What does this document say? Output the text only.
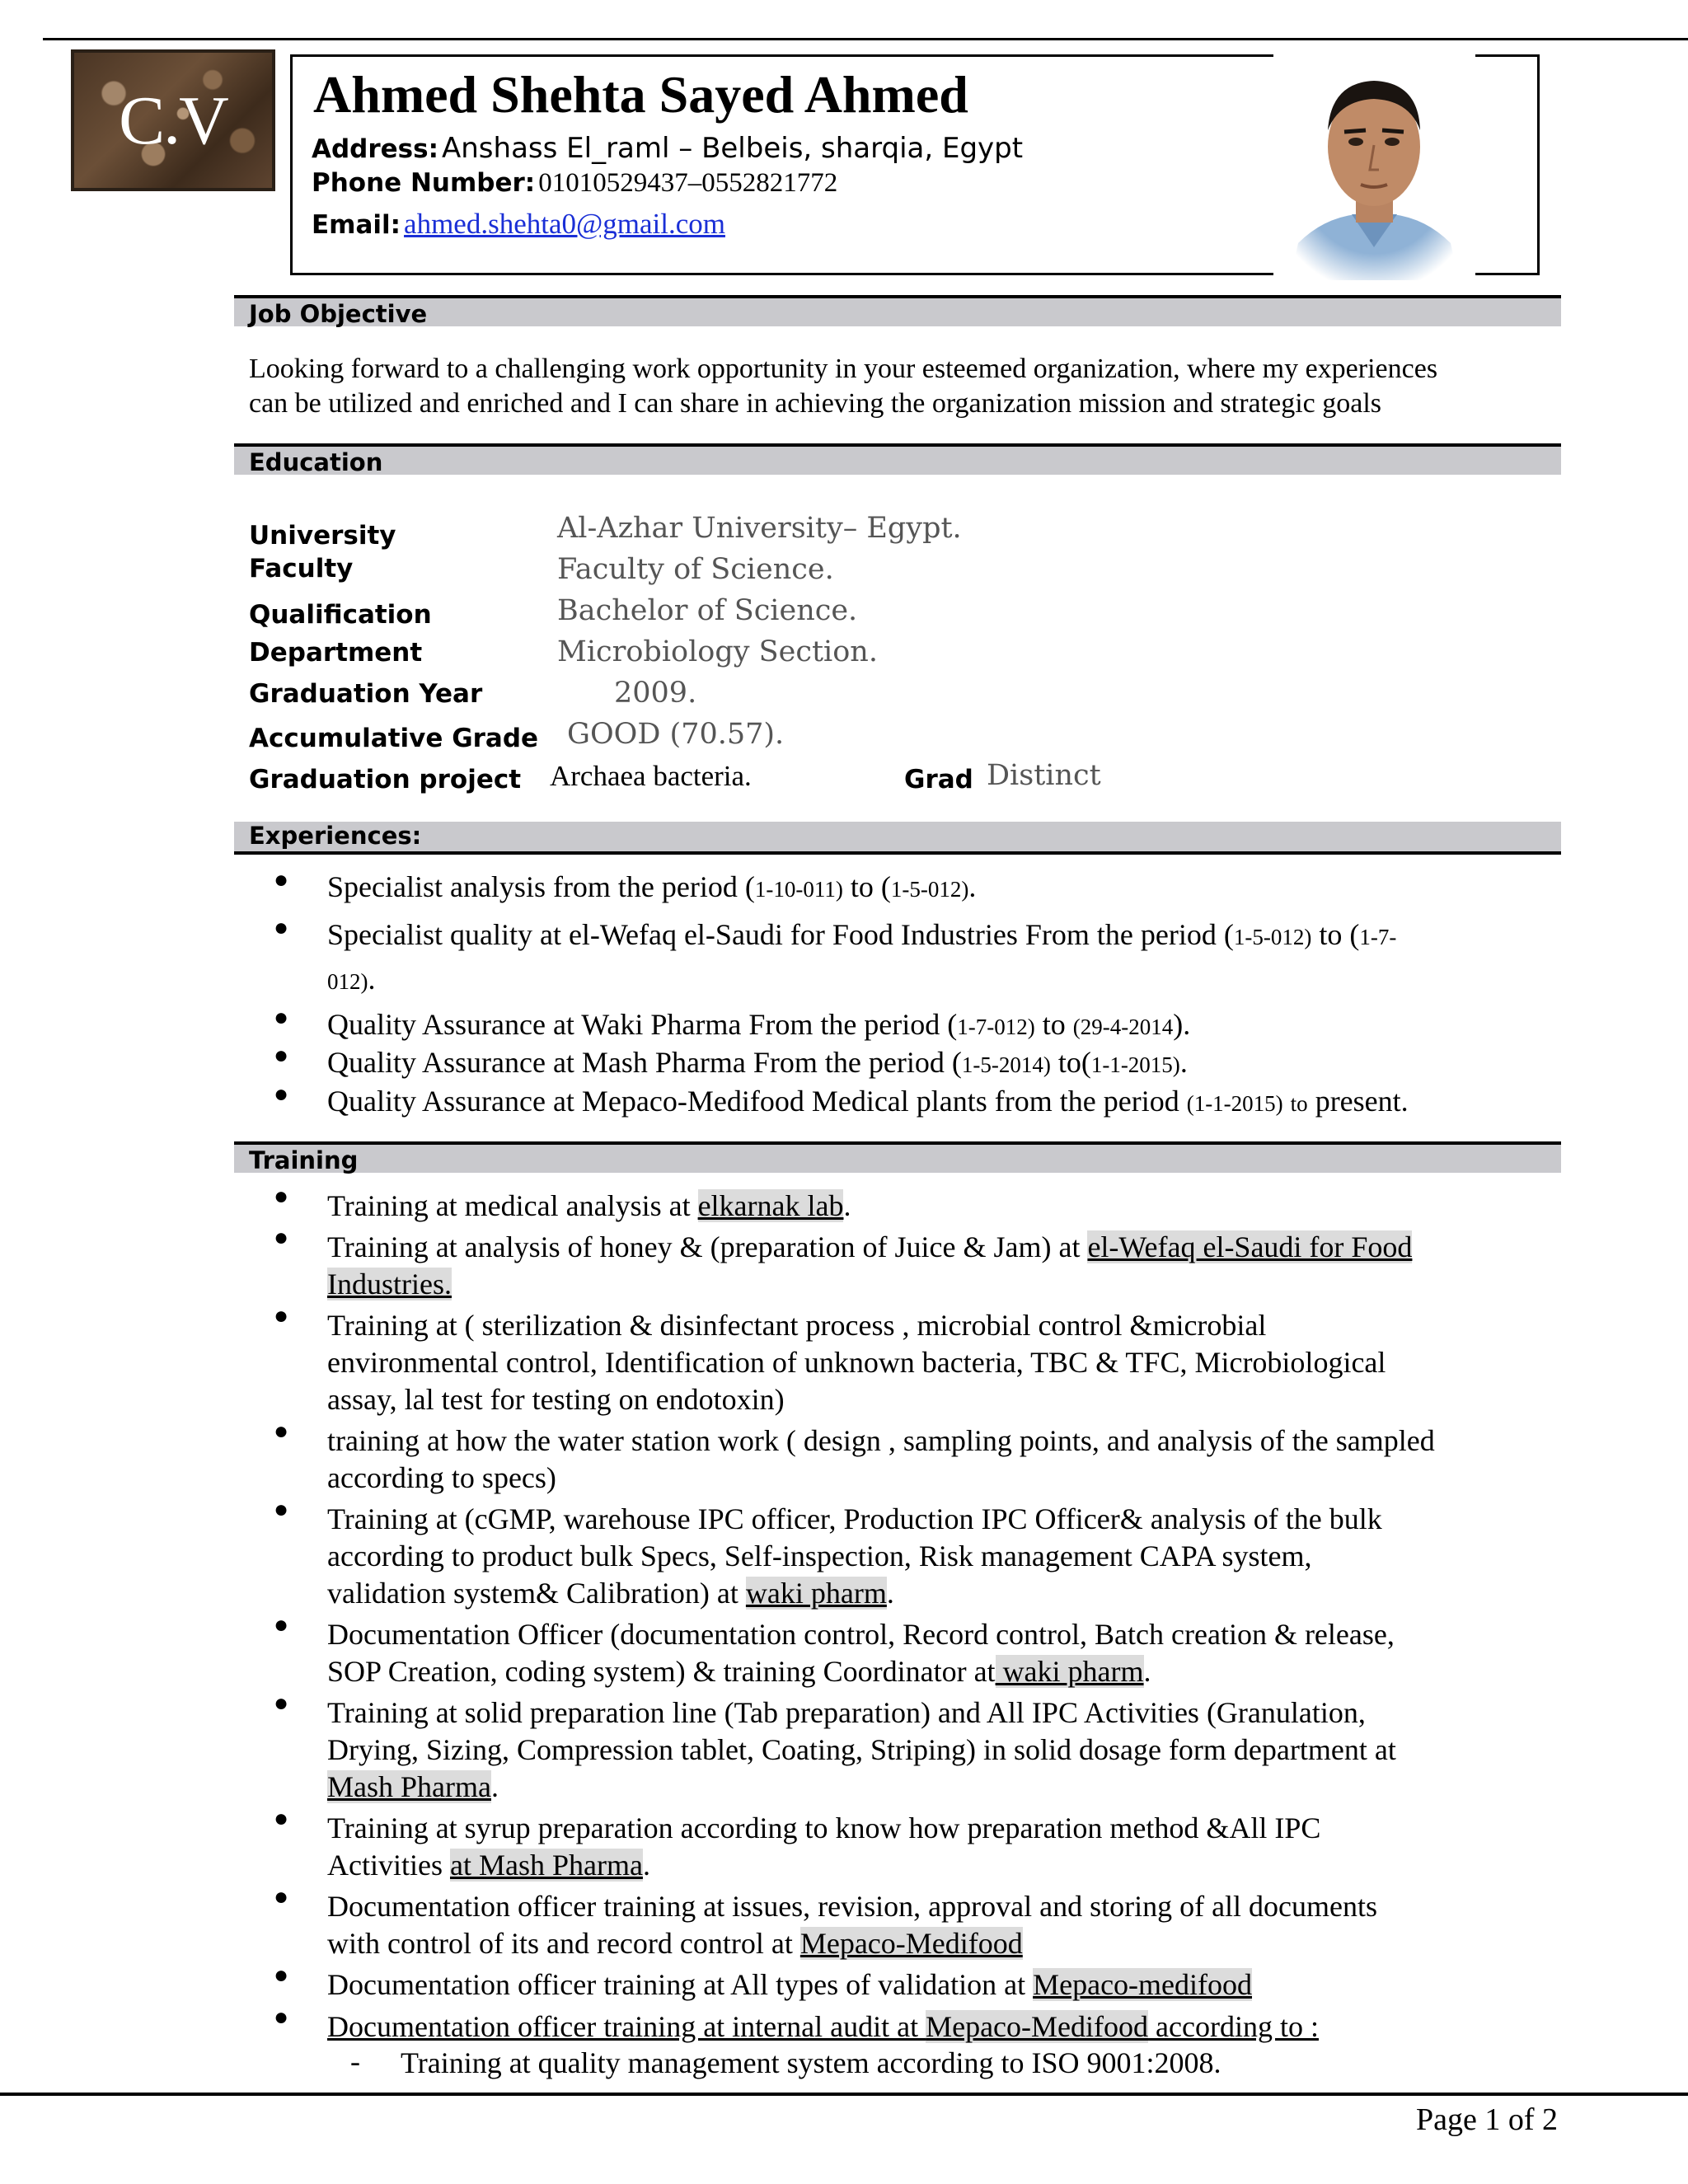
C.V Ahmed Shehta Sayed Ahmed
Address: Anshass El_raml – Belbeis, sharqia, Egypt
Phone Number: 01010529437–0552821772
Email: ahmed.shehta0@gmail.com
Job Objective
Looking forward to a challenging work opportunity in your esteemed organization, where my experiences
can be utilized and enriched and I can share in achieving the organization mission and strategic goals
Education
University	Al-Azhar University– Egypt.
Faculty	Faculty of Science.
Qualification	Bachelor of Science.
Department	Microbiology Section.
Graduation Year	2009.
Accumulative Grade GOOD (70.57).
Graduation project Archaea bacteria.	Grad Distinct
Experiences:
● Specialist analysis from the period (1-10-011) to (1-5-012).
● Specialist quality at el-Wefaq el-Saudi for Food Industries From the period (1-5-012) to (1-7-
012).
● Quality Assurance at Waki Pharma From the period (1-7-012) to (29-4-2014).
● Quality Assurance at Mash Pharma From the period (1-5-2014) to(1-1-2015).
● Quality Assurance at Mepaco-Medifood Medical plants from the period (1-1-2015) to present.
Training
● Training at medical analysis at elkarnak lab.
● Training at analysis of honey & (preparation of Juice & Jam) at el-Wefaq el-Saudi for Food
Industries.
● Training at ( sterilization & disinfectant process , microbial control &microbial
environmental control, Identification of unknown bacteria, TBC & TFC, Microbiological
assay, lal test for testing on endotoxin)
● training at how the water station work ( design , sampling points, and analysis of the sampled
according to specs)
● Training at (cGMP, warehouse IPC officer, Production IPC Officer& analysis of the bulk
according to product bulk Specs, Self-inspection, Risk management CAPA system,
validation system& Calibration) at waki pharm.
● Documentation Officer (documentation control, Record control, Batch creation & release,
SOP Creation, coding system) & training Coordinator at waki pharm.
● Training at solid preparation line (Tab preparation) and All IPC Activities (Granulation,
Drying, Sizing, Compression tablet, Coating, Striping) in solid dosage form department at
Mash Pharma.
● Training at syrup preparation according to know how preparation method &All IPC
Activities at Mash Pharma.
● Documentation officer training at issues, revision, approval and storing of all documents
with control of its and record control at Mepaco-Medifood
● Documentation officer training at All types of validation at Mepaco-medifood
● Documentation officer training at internal audit at Mepaco-Medifood according to :
- Training at quality management system according to ISO 9001:2008.
Page 1 of 2
